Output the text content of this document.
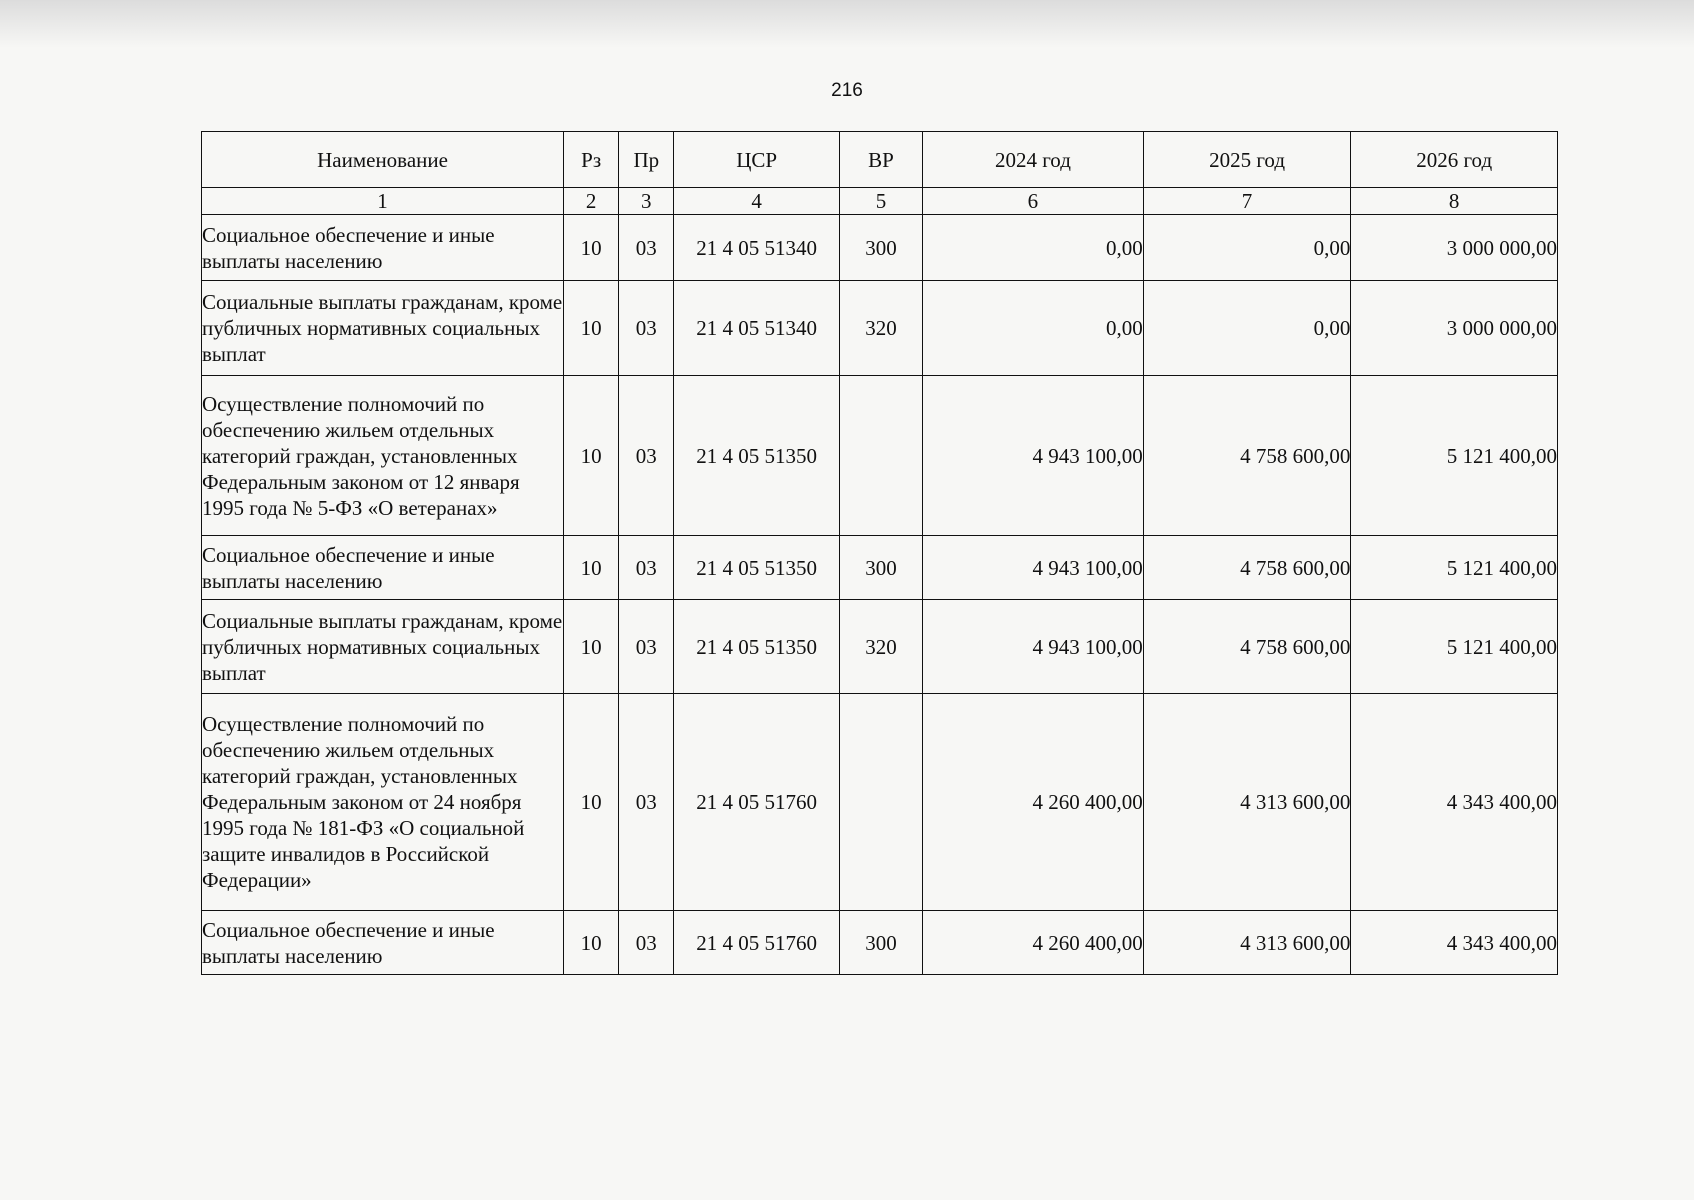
216
Наименование	Рз	Пр	ЦСР	ВР	2024 год	2025 год	2026 год
1	2	3	4	5	6	7	8
Социальное обеспечение и иные выплаты населению	10	03	21 4 05 51340	300	0,00	0,00	3 000 000,00
Социальные выплаты гражданам, кроме публичных нормативных социальных выплат	10	03	21 4 05 51340	320	0,00	0,00	3 000 000,00
Осуществление полномочий по обеспечению жильем отдельных категорий граждан, установленных Федеральным законом от 12 января 1995 года № 5-ФЗ «О ветеранах»	10	03	21 4 05 51350		4 943 100,00	4 758 600,00	5 121 400,00
Социальное обеспечение и иные выплаты населению	10	03	21 4 05 51350	300	4 943 100,00	4 758 600,00	5 121 400,00
Социальные выплаты гражданам, кроме публичных нормативных социальных выплат	10	03	21 4 05 51350	320	4 943 100,00	4 758 600,00	5 121 400,00
Осуществление полномочий по обеспечению жильем отдельных категорий граждан, установленных Федеральным законом от 24 ноября 1995 года № 181-ФЗ «О социальной защите инвалидов в Российской Федерации»	10	03	21 4 05 51760		4 260 400,00	4 313 600,00	4 343 400,00
Социальное обеспечение и иные выплаты населению	10	03	21 4 05 51760	300	4 260 400,00	4 313 600,00	4 343 400,00
